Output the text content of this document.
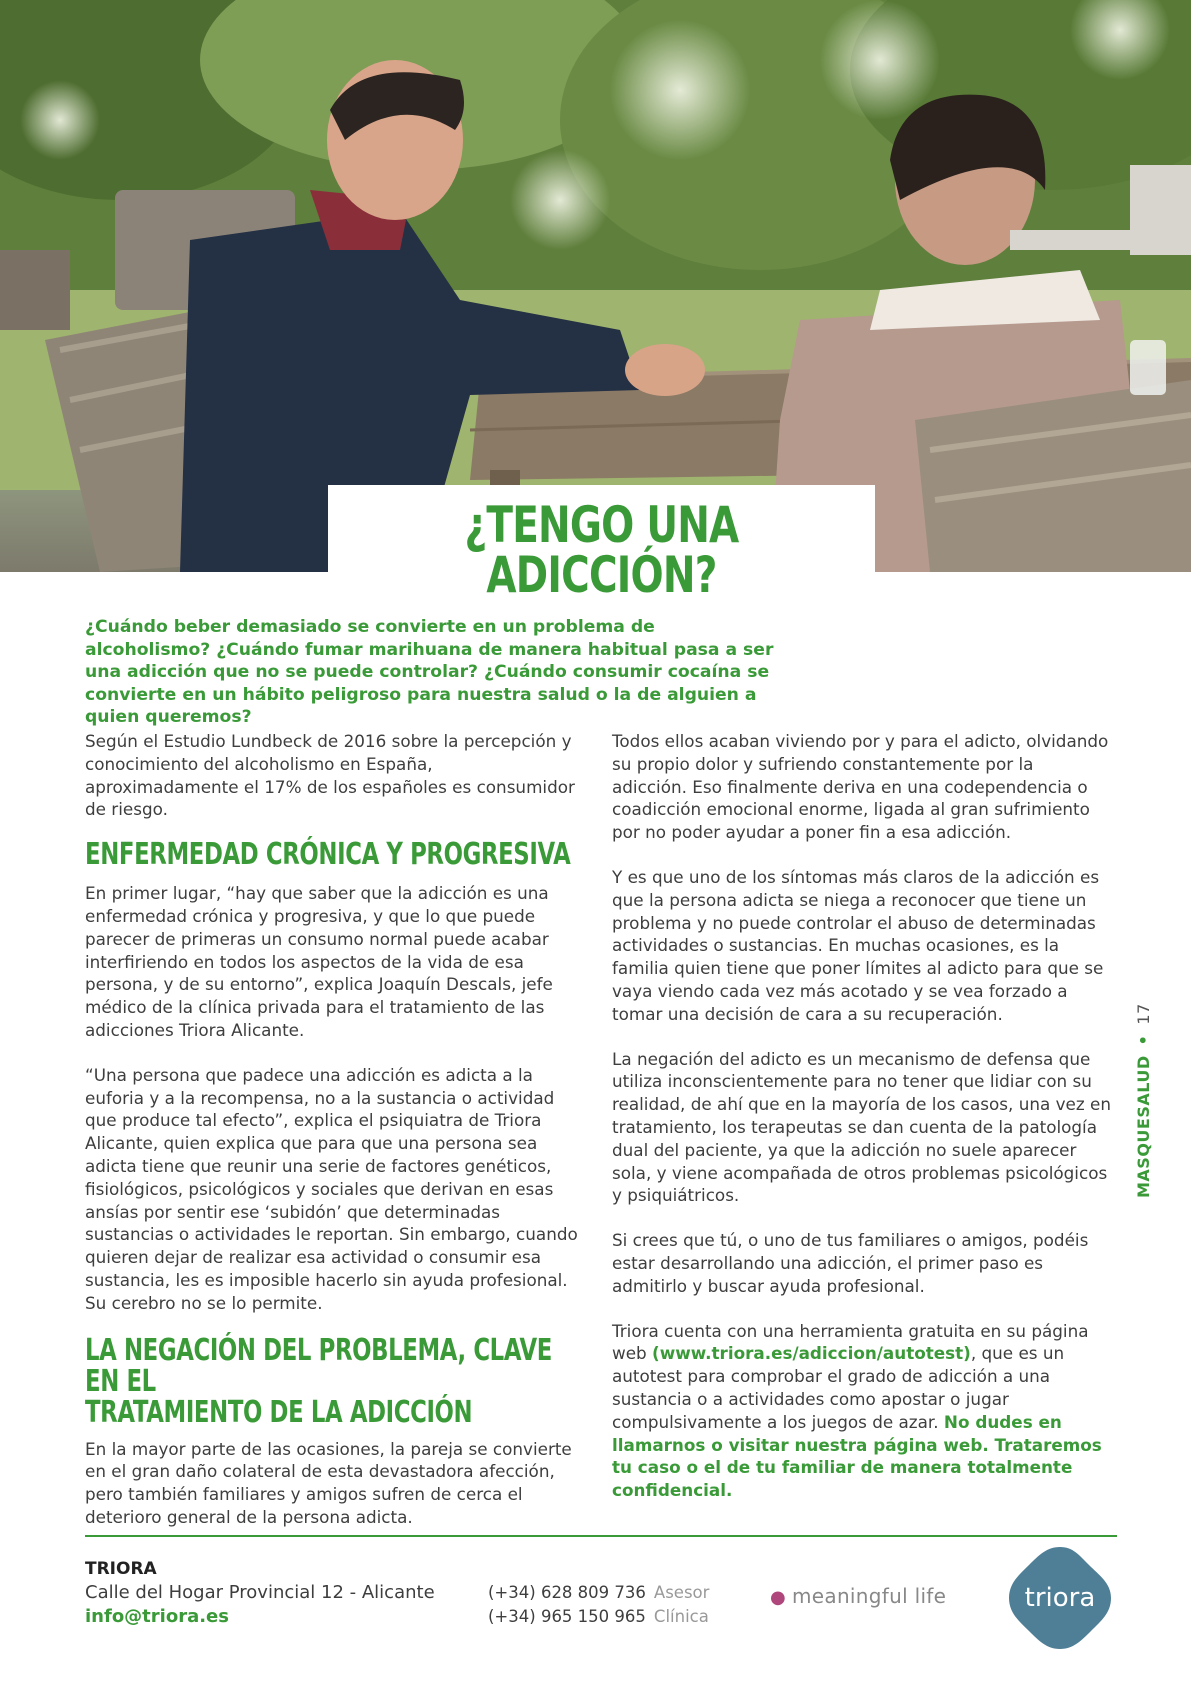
¿TENGO UNA ADICCIÓN?
¿Cuándo beber demasiado se convierte en un problema de alcoholismo? ¿Cuándo fumar marihuana de manera habitual pasa a ser una adicción que no se puede controlar? ¿Cuándo consumir cocaína se convierte en un hábito peligroso para nuestra salud o la de alguien a quien queremos?

Según el Estudio Lundbeck de 2016 sobre la percepción y conocimiento del alcoholismo en España, aproximadamente el 17% de los españoles es consumidor de riesgo.

ENFERMEDAD CRÓNICA Y PROGRESIVA

En primer lugar, “hay que saber que la adicción es una enfermedad crónica y progresiva, y que lo que puede parecer de primeras un consumo normal puede acabar interfiriendo en todos los aspectos de la vida de esa persona, y de su entorno”, explica Joaquín Descals, jefe médico de la clínica privada para el tratamiento de las adicciones Triora Alicante.

“Una persona que padece una adicción es adicta a la euforia y a la recompensa, no a la sustancia o actividad que produce tal efecto”, explica el psiquiatra de Triora Alicante, quien explica que para que una persona sea adicta tiene que reunir una serie de factores genéticos, fisiológicos, psicológicos y sociales que derivan en esas ansías por sentir ese ‘subidón’ que determinadas sustancias o actividades le reportan. Sin embargo, cuando quieren dejar de realizar esa actividad o consumir esa sustancia, les es imposible hacerlo sin ayuda profesional. Su cerebro no se lo permite.

LA NEGACIÓN DEL PROBLEMA, CLAVE EN EL
TRATAMIENTO DE LA ADICCIÓN

En la mayor parte de las ocasiones, la pareja se convierte en el gran daño colateral de esta devastadora afección, pero también familiares y amigos sufren de cerca el deterioro general de la persona adicta.

Todos ellos acaban viviendo por y para el adicto, olvidando su propio dolor y sufriendo constantemente por la adicción. Eso finalmente deriva en una codependencia o coadicción emocional enorme, ligada al gran sufrimiento por no poder ayudar a poner fin a esa adicción.

Y es que uno de los síntomas más claros de la adicción es que la persona adicta se niega a reconocer que tiene un problema y no puede controlar el abuso de determinadas actividades o sustancias. En muchas ocasiones, es la familia quien tiene que poner límites al adicto para que se vaya viendo cada vez más acotado y se vea forzado a tomar una decisión de cara a su recuperación.

La negación del adicto es un mecanismo de defensa que utiliza inconscientemente para no tener que lidiar con su realidad, de ahí que en la mayoría de los casos, una vez en tratamiento, los terapeutas se dan cuenta de la patología dual del paciente, ya que la adicción no suele aparecer sola, y viene acompañada de otros problemas psicológicos y psiquiátricos.

Si crees que tú, o uno de tus familiares o amigos, podéis estar desarrollando una adicción, el primer paso es admitirlo y buscar ayuda profesional.

Triora cuenta con una herramienta gratuita en su página web (www.triora.es/adiccion/autotest), que es un autotest para comprobar el grado de adicción a una sustancia o a actividades como apostar o jugar compulsivamente a los juegos de azar. No dudes en llamarnos o visitar nuestra página web. Trataremos tu caso o el de tu familiar de manera totalmente confidencial.

MASQUESALUD•17
TRIORA
Calle del Hogar Provincial 12 - Alicante
info@triora.es
(+34) 628 809 736 Asesor
(+34) 965 150 965 Clínica
● meaningful life	triora
